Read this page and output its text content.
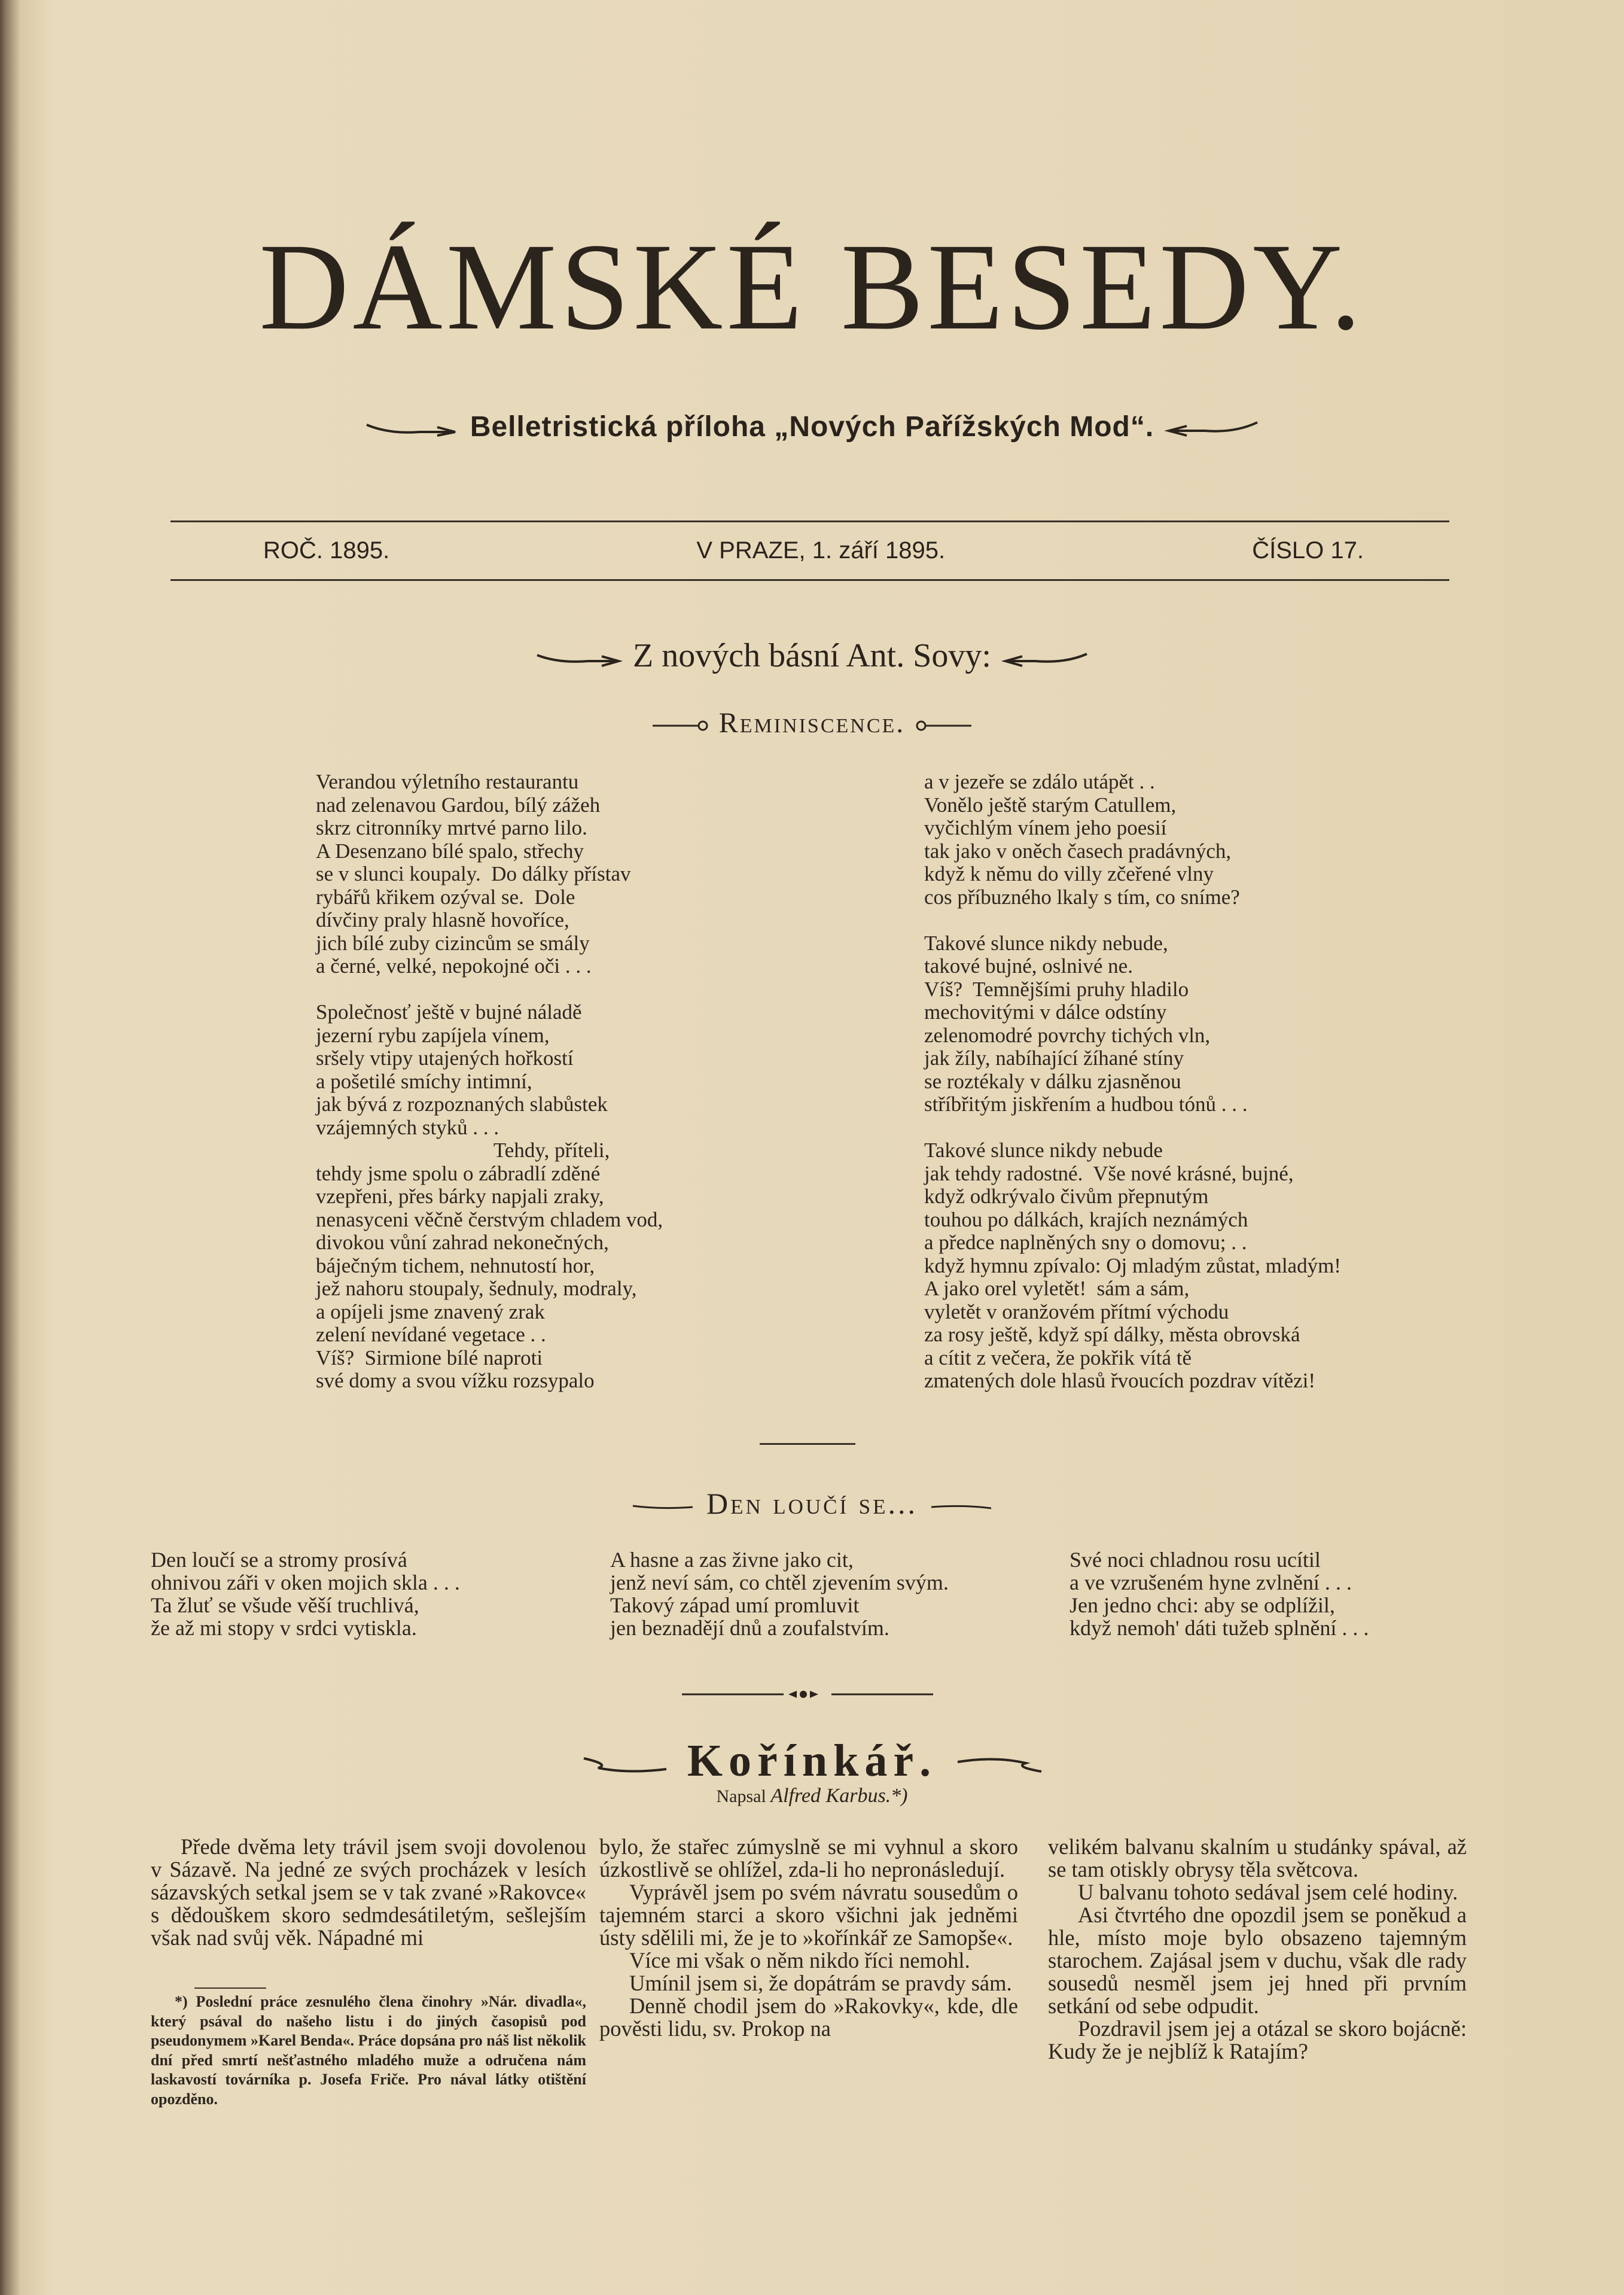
DÁMSKÉ BESEDY.
Belletristická příloha „Nových Pařížských Mod“.
ROČ. 1895.	V PRAZE, 1. září 1895.	ČÍSLO 17.
Z nových básní Ant. Sovy:
Reminiscence.
Verandou výletního restaurantu
nad zelenavou Gardou, bílý zážeh
skrz citronníky mrtvé parno lilo.
A Desenzano bílé spalo, střechy
se v slunci koupaly.  Do dálky přístav
rybářů křikem ozýval se.  Dole
dívčiny praly hlasně hovoříce,
jich bílé zuby cizincům se smály
a černé, velké, nepokojné oči . . .

Společnosť ještě v bujné náladě
jezerní rybu zapíjela vínem,
sršely vtipy utajených hořkostí
a pošetilé smíchy intimní,
jak bývá z rozpoznaných slabůstek
vzájemných styků . . .
Tehdy, příteli,
tehdy jsme spolu o zábradlí zděné
vzepřeni, přes bárky napjali zraky,
nenasyceni věčně čerstvým chladem vod,
divokou vůní zahrad nekonečných,
báječným tichem, nehnutostí hor,
jež nahoru stoupaly, šednuly, modraly,
a opíjeli jsme znavený zrak
zelení nevídané vegetace . .
Víš?  Sirmione bílé naproti
své domy a svou vížku rozsypalo
a v jezeře se zdálo utápět . .
Vonělo ještě starým Catullem,
vyčichlým vínem jeho poesií
tak jako v oněch časech pradávných,
když k němu do villy zčeřené vlny
cos příbuzného lkaly s tím, co sníme?

Takové slunce nikdy nebude,
takové bujné, oslnivé ne.
Víš?  Temnějšími pruhy hladilo
mechovitými v dálce odstíny
zelenomodré povrchy tichých vln,
jak žíly, nabíhající žíhané stíny
se roztékaly v dálku zjasněnou
stříbřitým jiskřením a hudbou tónů . . .

Takové slunce nikdy nebude
jak tehdy radostné.  Vše nové krásné, bujné,
když odkrývalo čivům přepnutým
touhou po dálkách, krajích neznámých
a předce naplněných sny o domovu; . .
když hymnu zpívalo: Oj mladým zůstat, mladým!
A jako orel vyletět!  sám a sám,
vyletět v oranžovém přítmí východu
za rosy ještě, když spí dálky, města obrovská
a cítit z večera, že pokřik vítá tě
zmatených dole hlasů řvoucích pozdrav vítězi!
Den loučí se...
Den loučí se a stromy prosívá
ohnivou záři v oken mojich skla . . .
Ta žluť se všude věší truchlivá,
že až mi stopy v srdci vytiskla.
A hasne a zas živne jako cit,
jenž neví sám, co chtěl zjevením svým.
Takový západ umí promluvit
jen beznadějí dnů a zoufalstvím.
Své noci chladnou rosu ucítil
a ve vzrušeném hyne zvlnění . . .
Jen jedno chci: aby se odplížil,
když nemoh' dáti tužeb splnění . . .
Kořínkář.
Napsal Alfred Karbus.*)

Přede dvěma lety trávil jsem svoji dovolenou v Sázavě. Na jedné ze svých procházek v lesích sázavských setkal jsem se v tak zvané »Rakovce« s dědouškem skoro sedmdesátiletým, sešlejším však nad svůj věk. Nápadné mi

*) Poslední práce zesnulého člena činohry »Nár. divadla«, který psával do našeho listu i do jiných časopisů pod pseudonymem »Karel Benda«. Práce dopsána pro náš list několik dní před smrtí nešťastného mladého muže a odručena nám laskavostí továrníka p. Josefa Friče. Pro nával látky otištění opozděno.

bylo, že stařec zúmyslně se mi vyhnul a skoro úzkostlivě se ohlížel, zda-li ho nepronásledují.

Vyprávěl jsem po svém návratu sousedům o tajemném starci a skoro všichni jak jedněmi ústy sdělili mi, že je to »kořínkář ze Samopše«.

Více mi však o něm nikdo říci nemohl.

Umínil jsem si, že dopátrám se pravdy sám.

Denně chodil jsem do »Rakovky«, kde, dle pověsti lidu, sv. Prokop na

velikém balvanu skalním u studánky spával, až se tam otiskly obrysy těla světcova.

U balvanu tohoto sedával jsem celé hodiny.

Asi čtvrtého dne opozdil jsem se poněkud a hle, místo moje bylo obsazeno tajemným starochem. Zajásal jsem v duchu, však dle rady sousedů nesměl jsem jej hned při prvním setkání od sebe odpudit.

Pozdravil jsem jej a otázal se skoro bojácně: Kudy že je nejblíž k Ratajím?
